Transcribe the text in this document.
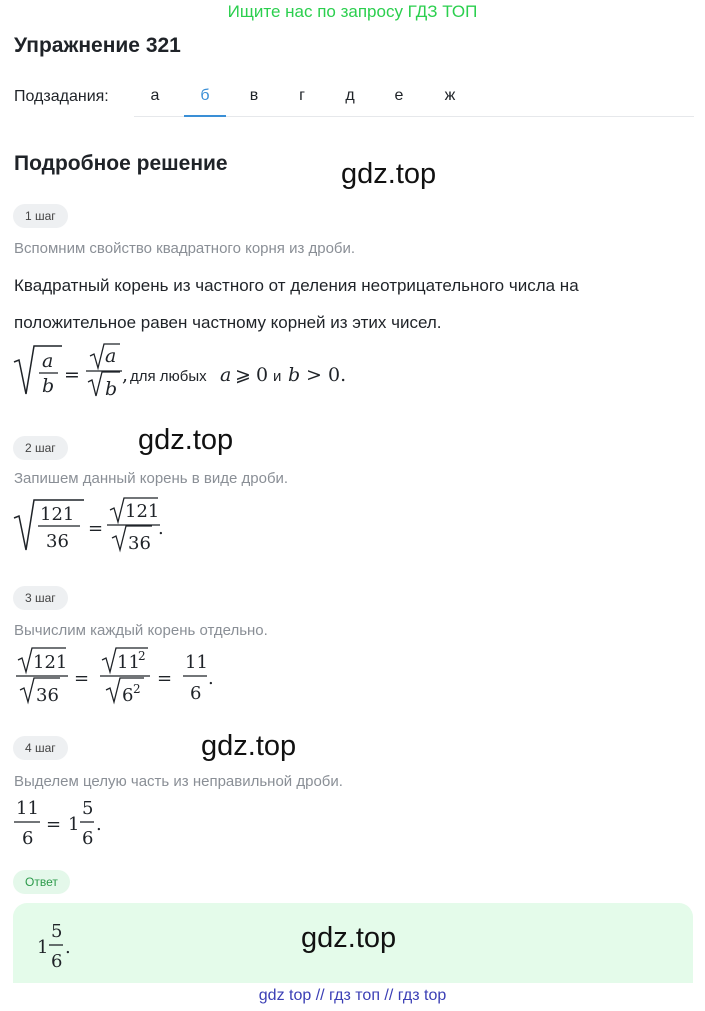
Ищите нас по запросу ГДЗ ТОП
Упражнение 321
Подзадания:	а	б	в	г	д	е	ж
Подробное решение	gdz.top
1 шаг
Вспомним свойство квадратного корня из дроби.
Квадратный корень из частного от деления неотрицательного числа на
положительное равен частному корней из этих чисел.
a
b =
a
b
, для любых a ⩾ 0 и b > 0.
2 шаг	gdz.top
Запишем данный корень в виде дроби.
121
36
=
121
36
.
3 шаг
Вычислим каждый корень отдельно.
121
36
=
11
2
6 2 =
11
6
.
4 шаг	gdz.top
Выделем целую часть из неправильной дроби.
11
6
= 1
5
6
.
Ответ
1
5
6
.	gdz.top
gdz top // гдз топ // гдз top
